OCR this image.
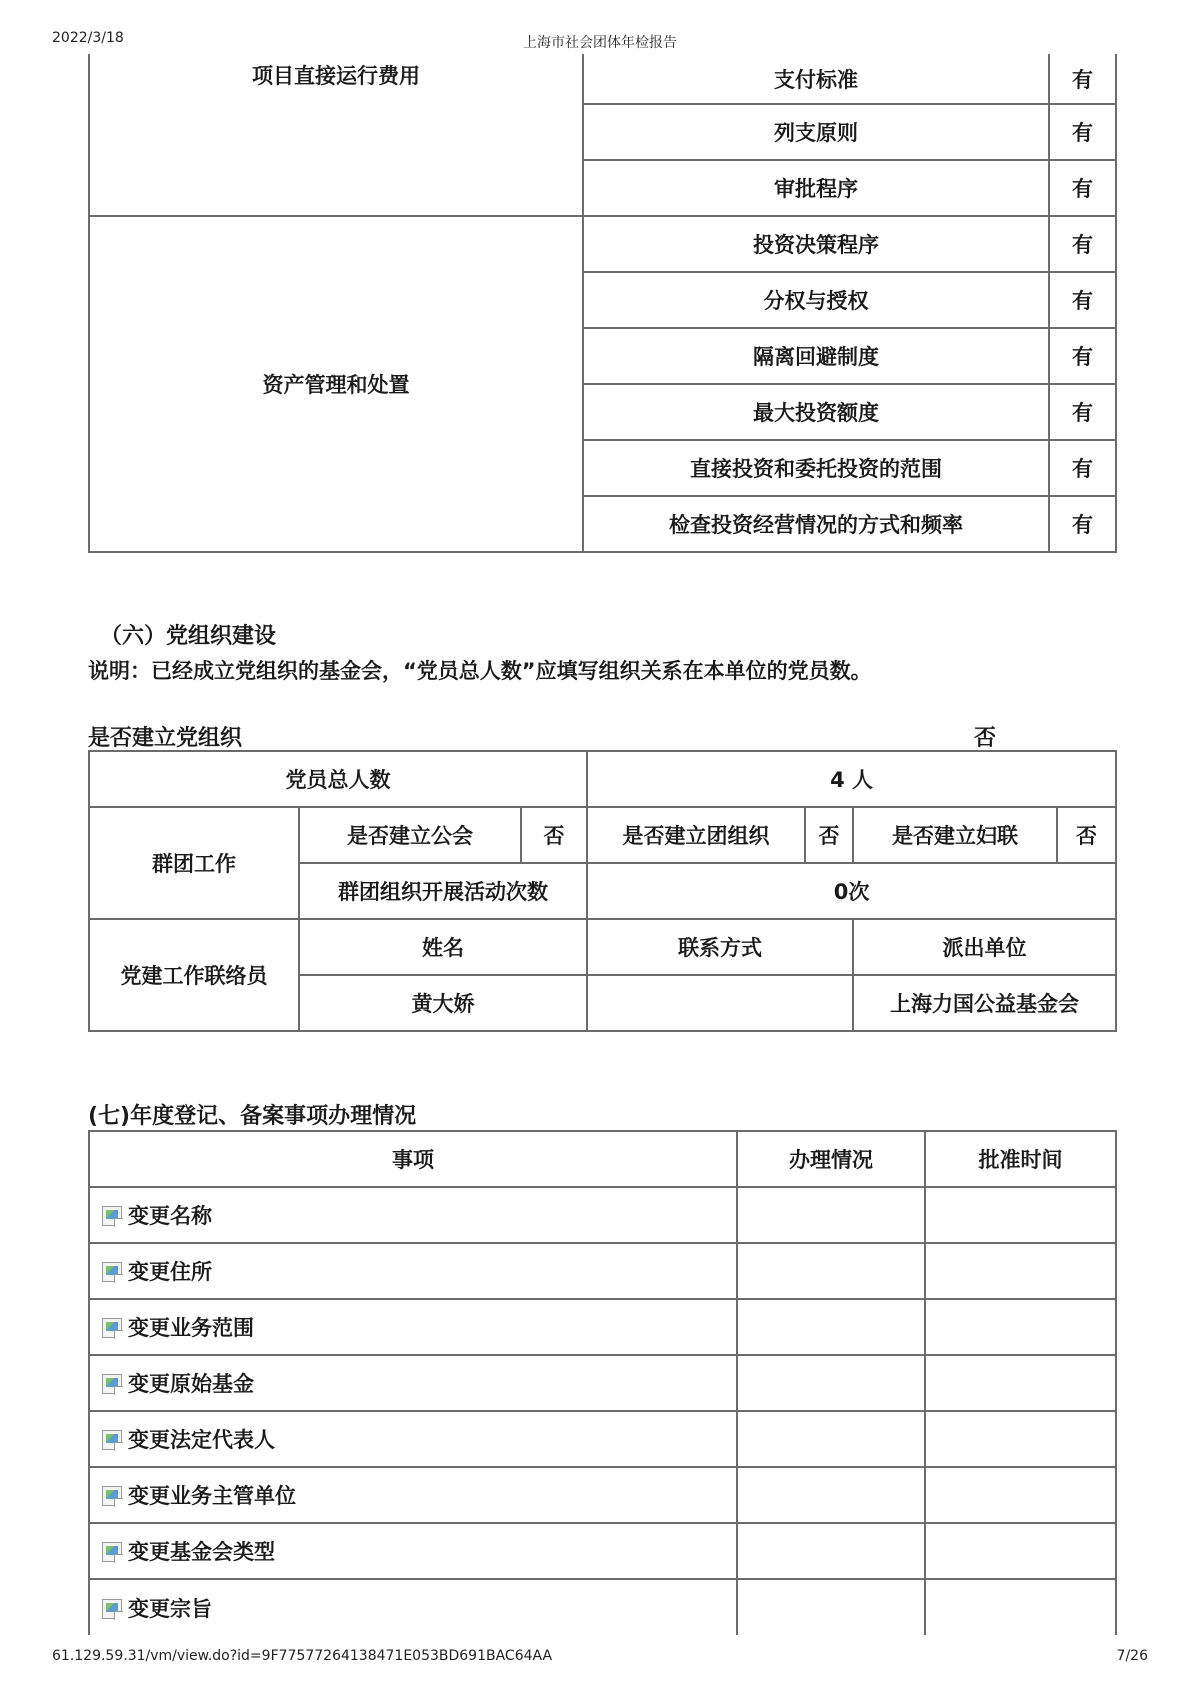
2022/3/18	上海市社会团体年检报告
项目直接运行费用	支付标准	有
	列支原则	有
	审批程序	有
资产管理和处置	投资决策程序	有
	分权与授权	有
	隔离回避制度	有
	最大投资额度	有
	直接投资和委托投资的范围	有
	检查投资经营情况的方式和频率	有
（六）党组织建设
说明：已经成立党组织的基金会，“党员总人数”应填写组织关系在本单位的党员数。
是否建立党组织	否
党员总人数			4 人			
群团工作	是否建立公会	否	是否建立团组织	否	是否建立妇联	否
	群团组织开展活动次数		0次			
党建工作联络员	姓名		联系方式		派出单位	
	黄大娇				上海力国公益基金会	
(七)年度登记、备案事项办理情况
事项	办理情况	批准时间
变更名称		
变更住所		
变更业务范围		
变更原始基金		
变更法定代表人		
变更业务主管单位		
变更基金会类型		
变更宗旨		
61.129.59.31/vm/view.do?id=9F77577264138471E053BD691BAC64AA	7/26
